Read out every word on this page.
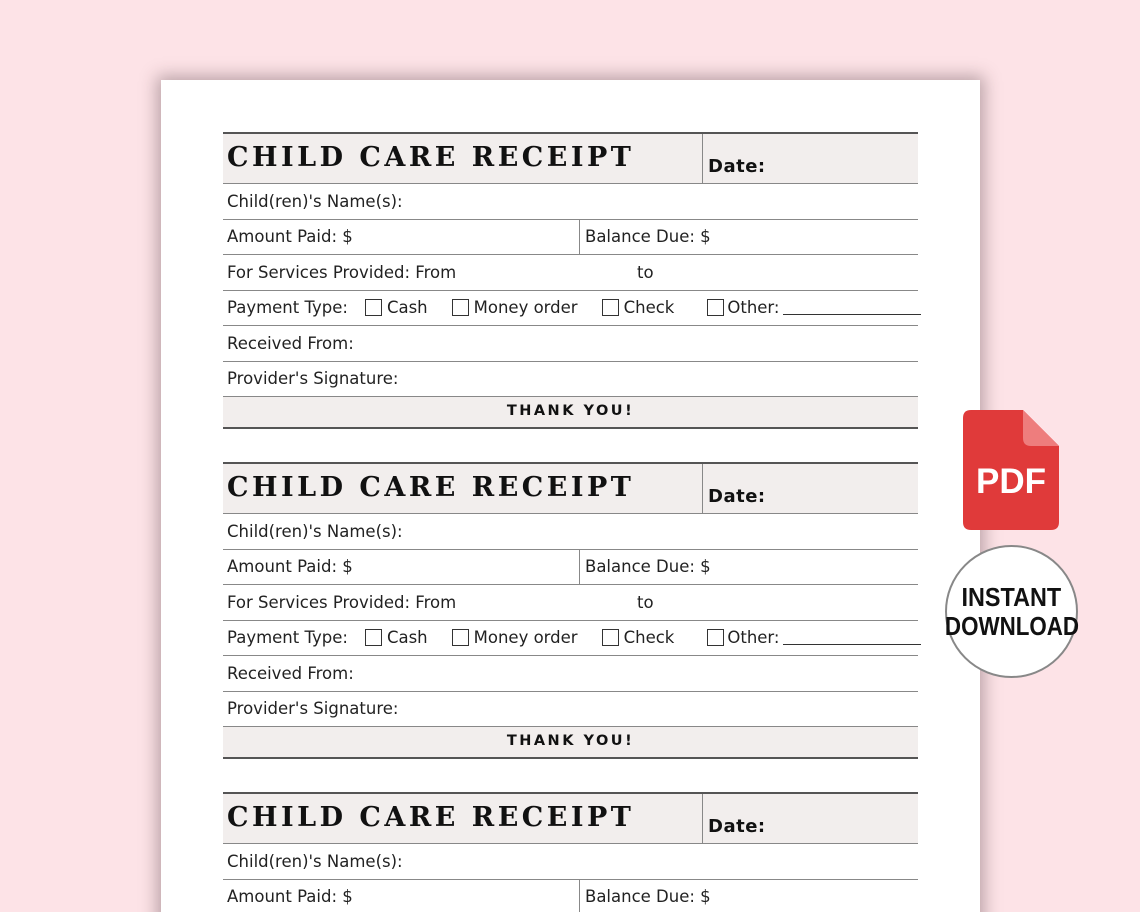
CHILD CARE RECEIPT	Date:
Child(ren)'s Name(s):
Amount Paid: $	Balance Due: $
For Services Provided: From	to
Payment Type: Cash	Money order	Check	Other:
Received From:
Provider's Signature:
THANK YOU!
CHILD CARE RECEIPT	Date:
Child(ren)'s Name(s):
Amount Paid: $	Balance Due: $
For Services Provided: From	to
Payment Type: Cash	Money order	Check	Other:
Received From:
Provider's Signature:
THANK YOU!
CHILD CARE RECEIPT	Date:
Child(ren)'s Name(s):
Amount Paid: $	Balance Due: $
PDF
INSTANT
DOWNLOAD
